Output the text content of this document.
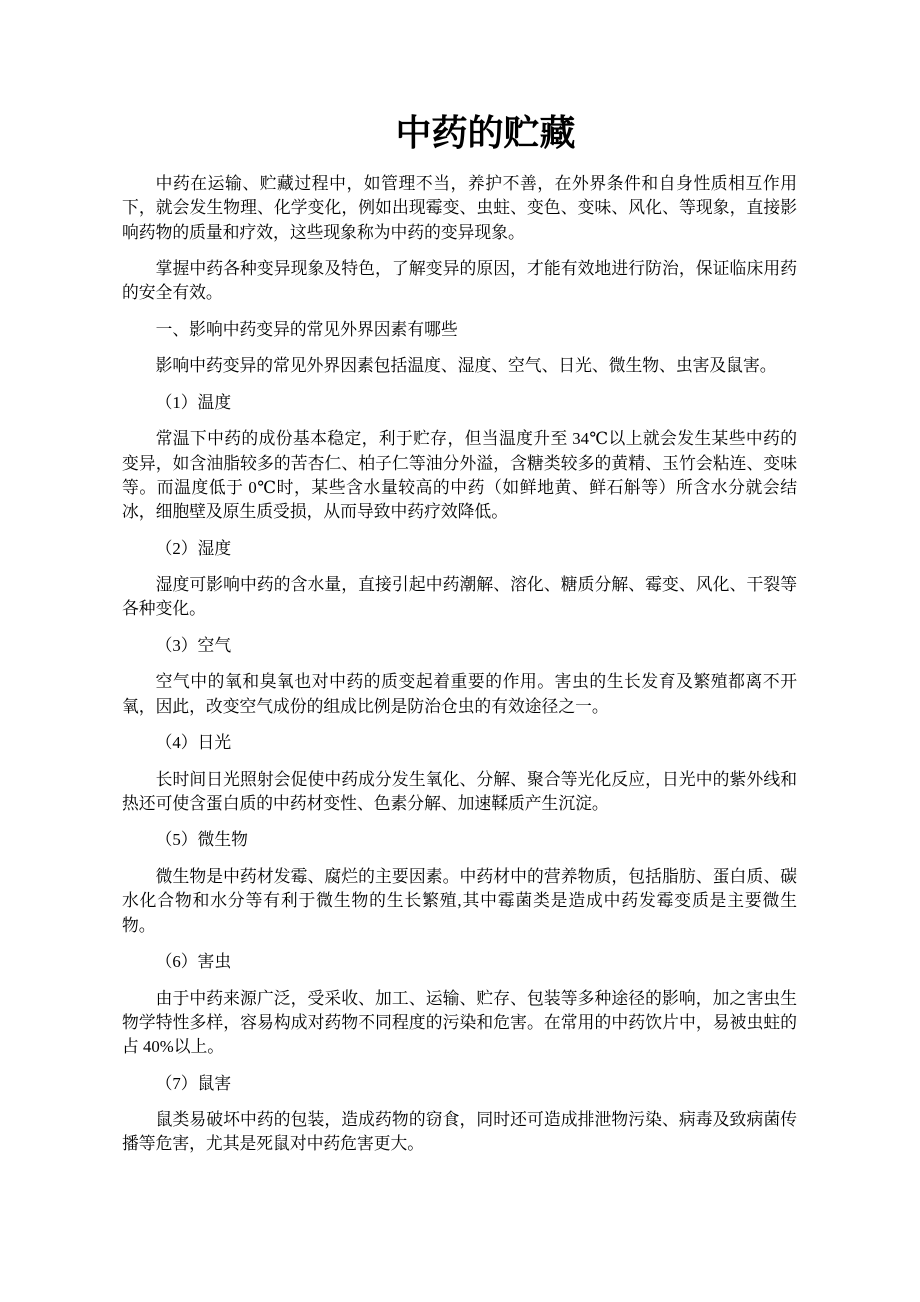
中药的贮藏

中药在运输、贮藏过程中，如管理不当，养护不善，在外界条件和自身性质相互作用下，就会发生物理、化学变化，例如出现霉变、虫蛀、变色、变味、风化、等现象，直接影响药物的质量和疗效，这些现象称为中药的变异现象。

掌握中药各种变异现象及特色，了解变异的原因，才能有效地进行防治，保证临床用药的安全有效。

一、影响中药变异的常见外界因素有哪些

影响中药变异的常见外界因素包括温度、湿度、空气、日光、微生物、虫害及鼠害。

（1）温度

常温下中药的成份基本稳定，利于贮存，但当温度升至 34℃以上就会发生某些中药的变异，如含油脂较多的苦杏仁、柏子仁等油分外溢，含糖类较多的黄精、玉竹会粘连、变味等。而温度低于 0℃时，某些含水量较高的中药（如鲜地黄、鲜石斛等）所含水分就会结冰，细胞壁及原生质受损，从而导致中药疗效降低。

（2）湿度

湿度可影响中药的含水量，直接引起中药潮解、溶化、糖质分解、霉变、风化、干裂等各种变化。

（3）空气

空气中的氧和臭氧也对中药的质变起着重要的作用。害虫的生长发育及繁殖都离不开氧，因此，改变空气成份的组成比例是防治仓虫的有效途径之一。

（4）日光

长时间日光照射会促使中药成分发生氧化、分解、聚合等光化反应，日光中的紫外线和热还可使含蛋白质的中药材变性、色素分解、加速鞣质产生沉淀。

（5）微生物

微生物是中药材发霉、腐烂的主要因素。中药材中的营养物质，包括脂肪、蛋白质、碳水化合物和水分等有利于微生物的生长繁殖,其中霉菌类是造成中药发霉变质是主要微生物。

（6）害虫

由于中药来源广泛，受采收、加工、运输、贮存、包装等多种途径的影响，加之害虫生物学特性多样，容易构成对药物不同程度的污染和危害。在常用的中药饮片中，易被虫蛀的占 40%以上。

（7）鼠害

鼠类易破坏中药的包装，造成药物的窃食，同时还可造成排泄物污染、病毒及致病菌传播等危害，尤其是死鼠对中药危害更大。
